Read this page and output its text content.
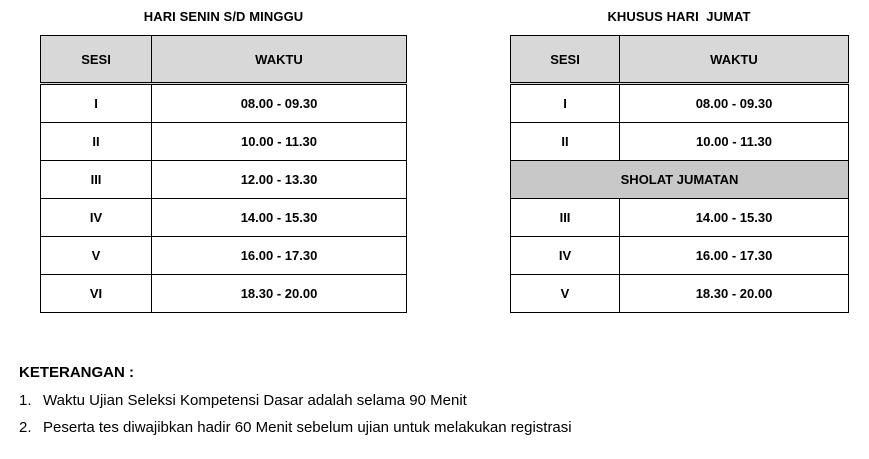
HARI SENIN S/D MINGGU
SESI	WAKTU
I	08.00 - 09.30
II	10.00 - 11.30
III	12.00 - 13.30
IV	14.00 - 15.30
V	16.00 - 17.30
VI	18.30 - 20.00
KHUSUS HARI  JUMAT
SESI	WAKTU
I	08.00 - 09.30
II	10.00 - 11.30
SHOLAT JUMATAN	
III	14.00 - 15.30
IV	16.00 - 17.30
V	18.30 - 20.00
KETERANGAN :
1. Waktu Ujian Seleksi Kompetensi Dasar adalah selama 90 Menit
2. Peserta tes diwajibkan hadir 60 Menit sebelum ujian untuk melakukan registrasi
